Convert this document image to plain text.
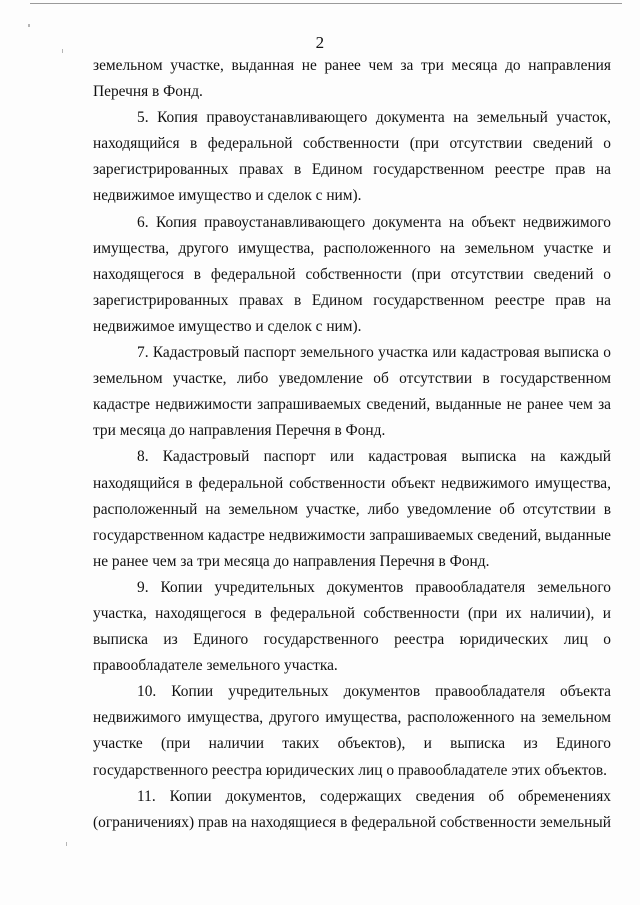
2

земельном участке, выданная не ранее чем за три месяца до направления Перечня в Фонд.

5. Копия правоустанавливающего документа на земельный участок, находящийся в федеральной собственности (при отсутствии сведений о зарегистрированных правах в Едином государственном реестре прав на недвижимое имущество и сделок с ним).

6. Копия правоустанавливающего документа на объект недвижимого имущества, другого имущества, расположенного на земельном участке и находящегося в федеральной собственности (при отсутствии сведений о зарегистрированных правах в Едином государственном реестре прав на недвижимое имущество и сделок с ним).

7. Кадастровый паспорт земельного участка или кадастровая выписка о земельном участке, либо уведомление об отсутствии в государственном кадастре недвижимости запрашиваемых сведений, выданные не ранее чем за три месяца до направления Перечня в Фонд.

8. Кадастровый паспорт или кадастровая выписка на каждый находящийся в федеральной собственности объект недвижимого имущества, расположенный на земельном участке, либо уведомление об отсутствии в государственном кадастре недвижимости запрашиваемых сведений, выданные не ранее чем за три месяца до направления Перечня в Фонд.

9. Копии учредительных документов правообладателя земельного участка, находящегося в федеральной собственности (при их наличии), и выписка из Единого государственного реестра юридических лиц о правообладателе земельного участка.

10. Копии учредительных документов правообладателя объекта недвижимого имущества, другого имущества, расположенного на земельном участке (при наличии таких объектов), и выписка из Единого государственного реестра юридических лиц о правообладателе этих объектов.

11. Копии документов, содержащих сведения об обременениях (ограничениях) прав на находящиеся в федеральной собственности земельный
